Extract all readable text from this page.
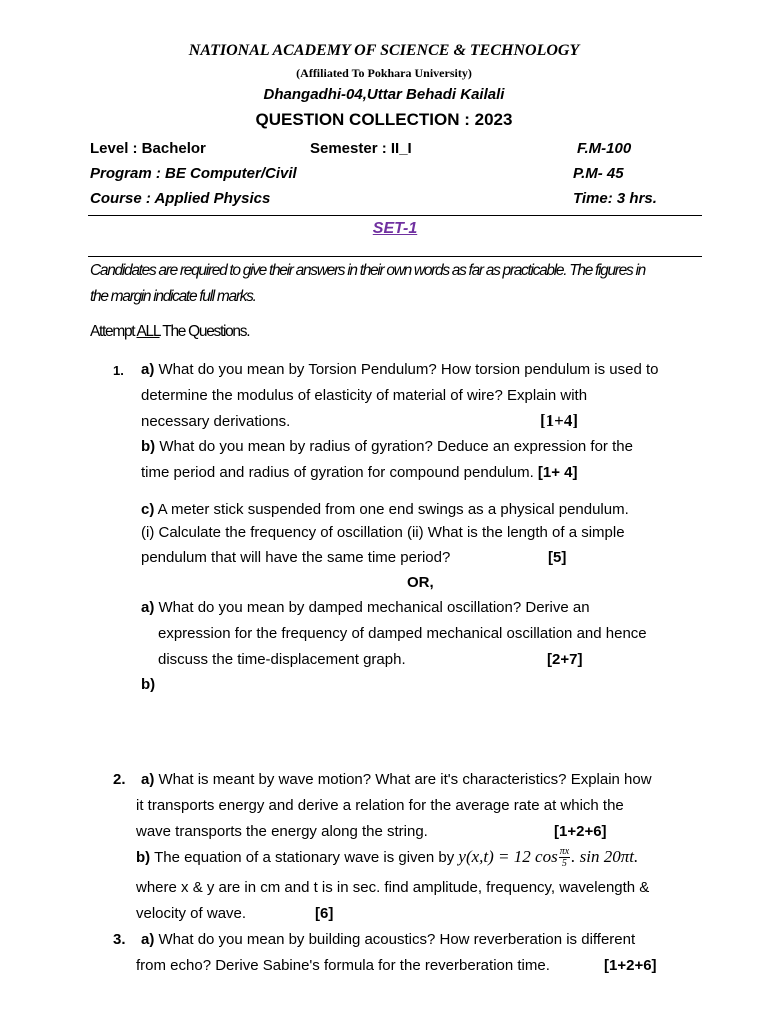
NATIONAL ACADEMY OF SCIENCE & TECHNOLOGY
(Affiliated To Pokhara University)
Dhangadhi-04,Uttar Behadi Kailali
QUESTION COLLECTION : 2023
Level : Bachelor	Semester : II_I	F.M-100
Program : BE Computer/Civil	P.M- 45
Course : Applied Physics	Time: 3 hrs.
SET-1
Candidates are required to give their answers in their own words as far as practicable. The figures in
the margin indicate full marks.
Attempt ALL The Questions.
1. a) What do you mean by Torsion Pendulum? How torsion pendulum is used to
determine the modulus of elasticity of material of wire? Explain with
necessary derivations.	[1+4]
b) What do you mean by radius of gyration? Deduce an expression for the
time period and radius of gyration for compound pendulum. [1+ 4]
c) A meter stick suspended from one end swings as a physical pendulum.
(i) Calculate the frequency of oscillation (ii) What is the length of a simple
pendulum that will have the same time period?	[5]
OR,
a) What do you mean by damped mechanical oscillation? Derive an
expression for the frequency of damped mechanical oscillation and hence
discuss the time-displacement graph.	[2+7]
b)
2. a) What is meant by wave motion? What are it's characteristics? Explain how
it transports energy and derive a relation for the average rate at which the
wave transports the energy along the string.	[1+2+6]
b) The equation of a stationary wave is given by y(x,t) = 12 $\cos \frac{\pi x}{5}$ . sin 20πt.
where x & y are in cm and t is in sec. find amplitude, frequency, wavelength &
velocity of wave.	[6]
3. a) What do you mean by building acoustics? How reverberation is different
from echo? Derive Sabine's formula for the reverberation time.	[1+2+6]
